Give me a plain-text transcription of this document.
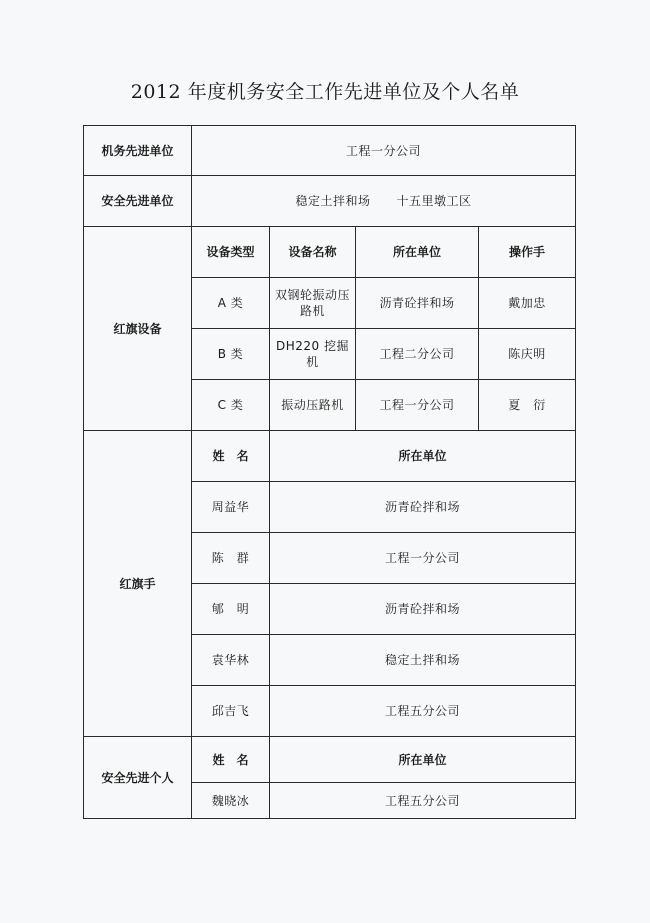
2012 年度机务安全工作先进单位及个人名单
机务先进单位	工程一分公司			
安全先进单位	稳定土拌和场 十五里墩工区			
红旗设备	设备类型	设备名称	所在单位	操作手
	A 类	双钢轮振动压路机	沥青砼拌和场	戴加忠
	B 类	DH220 挖掘机	工程二分公司	陈庆明
	C 类	振动压路机	工程一分公司	夏　衍
红旗手	姓　名	所在单位		
	周益华	沥青砼拌和场		
	陈　群	工程一分公司		
	郇　明	沥青砼拌和场		
	袁华林	稳定土拌和场		
	邱吉飞	工程五分公司		
安全先进个人	姓　名	所在单位		
	魏晓冰	工程五分公司		
